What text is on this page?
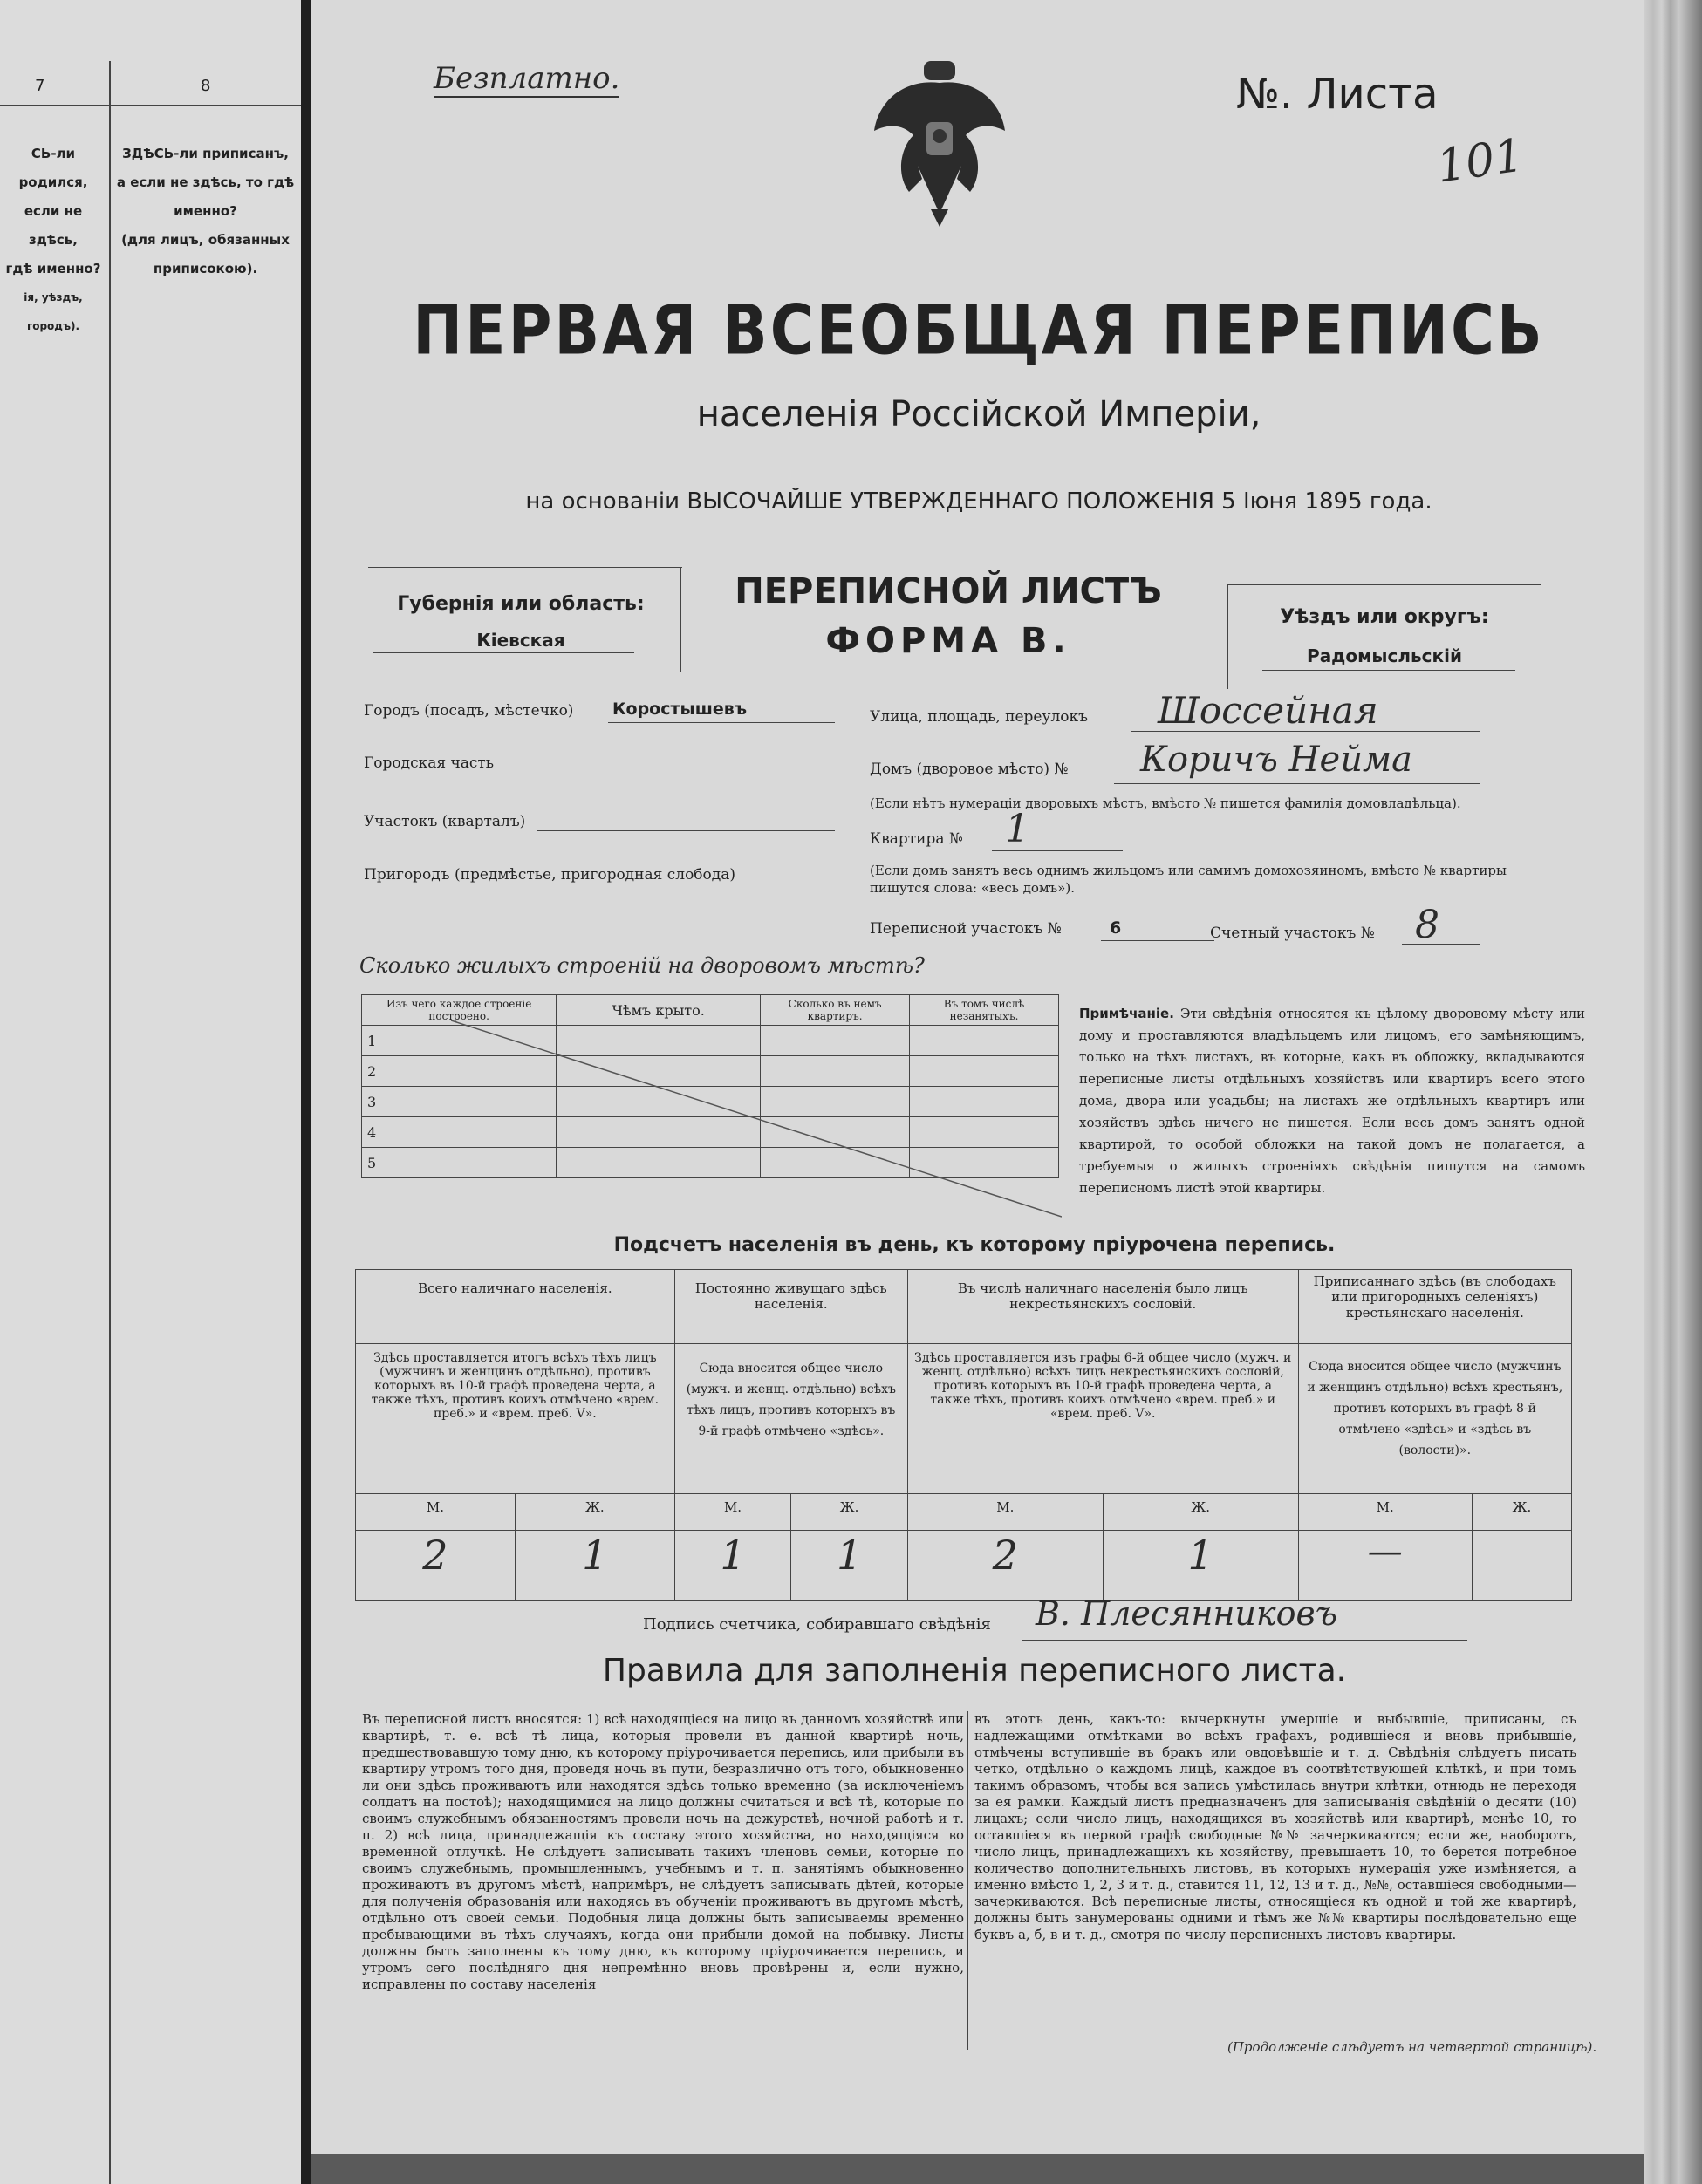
7	8
СЬ-ли родился,
если не здѣсь,
гдѣ именно?
ія, уѣздъ, городъ).
ЗДѢСЬ-ли приписанъ,
а если не здѣсь, то гдѣ
именно?
(для лицъ, обязанных
приписокою).
Безплатно.	№. Листа
101
ПЕРВАЯ ВСЕОБЩАЯ ПЕРЕПИСЬ
населенія Россійской Имперіи,
на основаніи ВЫСОЧАЙШЕ УТВЕРЖДЕННАГО ПОЛОЖЕНІЯ 5 Іюня 1895 года.
Губернія или область:
Кіевская
ПЕРЕПИСНОЙ ЛИСТЪ
ФОРМА В.
Уѣздъ или округъ:
Радомысльскій
Городъ (посадъ, мѣстечко) Коростышевъ
Городская часть
Участокъ (кварталъ)
Пригородъ (предмѣстье, пригородная слобода)
Улица, площадь, переулокъ Шоссейная
Домъ (дворовое мѣсто) № Коричъ Нейма
(Если нѣтъ нумераціи дворовыхъ мѣстъ, вмѣсто № пишется фамилія домовладѣльца).
Квартира № 1
(Если домъ занятъ весь однимъ жильцомъ или самимъ домохозяиномъ, вмѣсто № квартиры пишутся слова: «весь домъ»).
Переписной участокъ №	6	Счетный участокъ № 8
Сколько жилыхъ строеній на дворовомъ мѣстѣ?
Изъ чего каждое строеніе построено.	Чѣмъ крыто.	Сколько въ немъ квартиръ.	Въ томъ числѣ незанятыхъ.
1			
2			
3			
4			
5			
Примѣчаніе. Эти свѣдѣнія относятся къ цѣлому дворовому мѣсту или дому и проставляются владѣльцемъ или лицомъ, его замѣняющимъ, только на тѣхъ листахъ, въ которые, какъ въ обложку, вкладываются переписные листы отдѣльныхъ хозяйствъ или квартиръ всего этого дома, двора или усадьбы; на листахъ же отдѣльныхъ квартиръ или хозяйствъ здѣсь ничего не пишется. Если весь домъ занятъ одной квартирой, то особой обложки на такой домъ не полагается, а требуемыя о жилыхъ строеніяхъ свѣдѣнія пишутся на самомъ переписномъ листѣ этой квартиры.
Подсчетъ населенія въ день, къ которому пріурочена перепись.
Всего наличнаго населенія.		Постоянно живущаго здѣсь населенія.		Въ числѣ наличнаго населенія было лицъ некрестьянскихъ сословій.		Приписаннаго здѣсь (въ слободахъ или пригородныхъ селеніяхъ) крестьянскаго населенія.	
Здѣсь проставляется итогъ всѣхъ тѣхъ лицъ (мужчинъ и женщинъ отдѣльно), противъ которыхъ въ 10-й графѣ проведена черта, а также тѣхъ, противъ коихъ отмѣчено «врем. преб.» и «врем. преб. V».		Сюда вносится общее число (мужч. и женщ. отдѣльно) всѣхъ тѣхъ лицъ, противъ которыхъ въ 9-й графѣ отмѣчено «здѣсь».		Здѣсь проставляется изъ графы 6-й общее число (мужч. и женщ. отдѣльно) всѣхъ лицъ некрестьянскихъ сословій, противъ которыхъ въ 10-й графѣ проведена черта, а также тѣхъ, противъ коихъ отмѣчено «врем. преб.» и «врем. преб. V».		Сюда вносится общее число (мужчинъ и женщинъ отдѣльно) всѣхъ крестьянъ, противъ которыхъ въ графѣ 8-й отмѣчено «здѣсь» и «здѣсь въ (волости)».	
М.	Ж.	М.	Ж.	М.	Ж.	М.	Ж.
2	1	1	1	2	1	—	
Подпись счетчика, собиравшаго свѣдѣнія В. Плесянниковъ
Правила для заполненія переписного листа.
Въ переписной листъ вносятся: 1) всѣ находящіеся на лицо въ данномъ хозяйствѣ или квартирѣ, т. е. всѣ тѣ лица, которыя провели въ данной квартирѣ ночь, предшествовавшую тому дню, къ которому пріурочивается перепись, или прибыли въ квартиру утромъ того дня, проведя ночь въ пути, безразлично отъ того, обыкновенно ли они здѣсь проживаютъ или находятся здѣсь только временно (за исключеніемъ солдатъ на постоѣ); находящимися на лицо должны считаться и всѣ тѣ, которые по своимъ служебнымъ обязанностямъ провели ночь на дежурствѣ, ночной работѣ и т. п. 2) всѣ лица, принадлежащія къ составу этого хозяйства, но находящіяся во временной отлучкѣ. Не слѣдуетъ записывать такихъ членовъ семьи, которые по своимъ служебнымъ, промышленнымъ, учебнымъ и т. п. занятіямъ обыкновенно проживаютъ въ другомъ мѣстѣ, напримѣръ, не слѣдуетъ записывать дѣтей, которые для полученія образованія или находясь въ обученіи проживаютъ въ другомъ мѣстѣ, отдѣльно отъ своей семьи. Подобныя лица должны быть записываемы временно пребывающими въ тѣхъ случаяхъ, когда они прибыли домой на побывку. Листы должны быть заполнены къ тому дню, къ которому пріурочивается перепись, и утромъ сего послѣдняго дня непремѣнно вновь провѣрены и, если нужно, исправлены по составу населенія
въ этотъ день, какъ-то: вычеркнуты умершіе и выбывшіе, приписаны, съ надлежащими отмѣтками во всѣхъ графахъ, родившіеся и вновь прибывшіе, отмѣчены вступившіе въ бракъ или овдовѣвшіе и т. д. Свѣдѣнія слѣдуетъ писать четко, отдѣльно о каждомъ лицѣ, каждое въ соотвѣтствующей клѣткѣ, и при томъ такимъ образомъ, чтобы вся запись умѣстилась внутри клѣтки, отнюдь не переходя за ея рамки. Каждый листъ предназначенъ для записыванія свѣдѣній о десяти (10) лицахъ; если число лицъ, находящихся въ хозяйствѣ или квартирѣ, менѣе 10, то оставшіеся въ первой графѣ свободные №№ зачеркиваются; если же, наоборотъ, число лицъ, принадлежащихъ къ хозяйству, превышаетъ 10, то берется потребное количество дополнительныхъ листовъ, въ которыхъ нумерація уже измѣняется, а именно вмѣсто 1, 2, 3 и т. д., ставится 11, 12, 13 и т. д., №№, оставшіеся свободными—зачеркиваются. Всѣ переписные листы, относящіеся къ одной и той же квартирѣ, должны быть занумерованы одними и тѣмъ же №№ квартиры послѣдовательно еще буквъ а, б, в и т. д., смотря по числу переписныхъ листовъ квартиры.
(Продолженіе слѣдуетъ на четвертой страницѣ).
